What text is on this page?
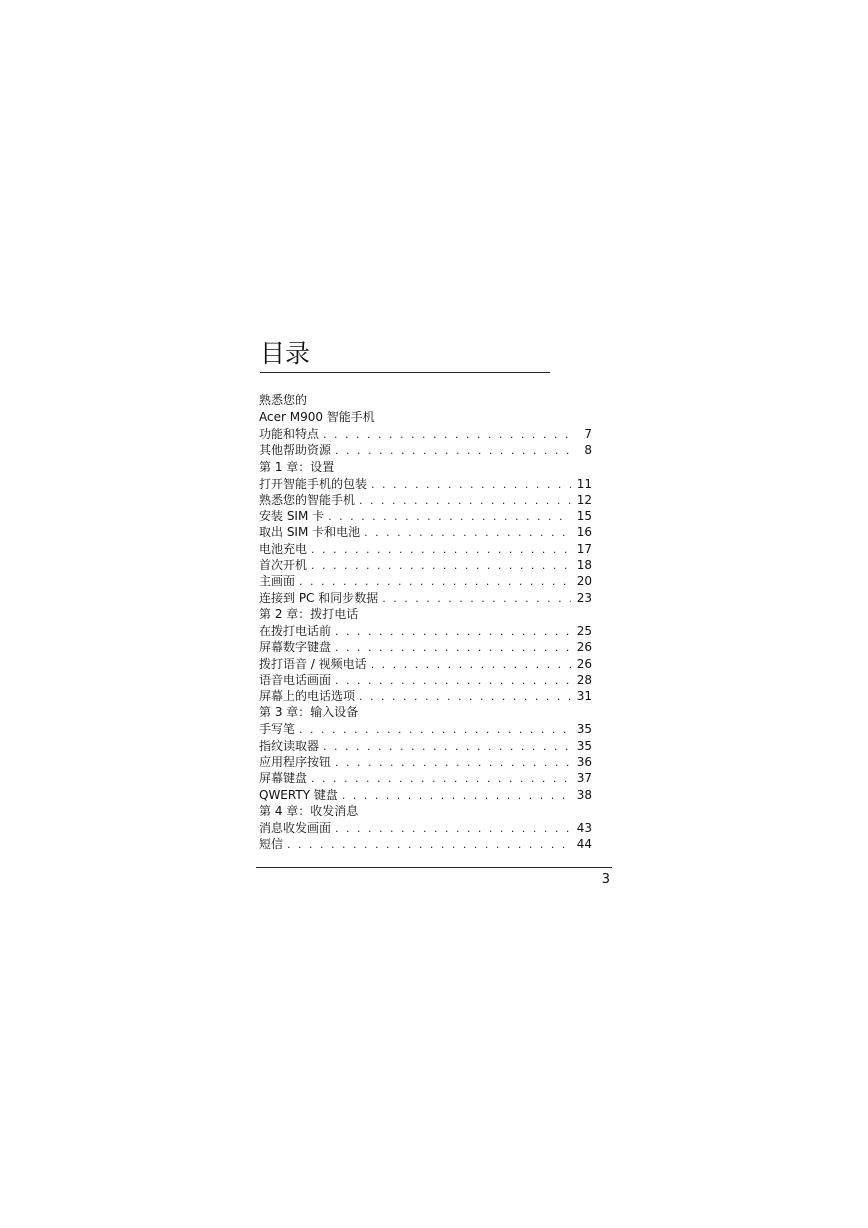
目录
熟悉您的
Acer M900 智能手机
功能和特点 . . .	7
其他帮助资源 . . .	8
第 1 章：设置
打开智能手机的包装 . . .	11
熟悉您的智能手机 . . .	12
安装 SIM 卡 . . .	15
取出 SIM 卡和电池 . . .	16
电池充电 . . .	17
首次开机 . . .	18
主画面 . . .	20
连接到 PC 和同步数据 . . .	23
第 2 章：拨打电话
在拨打电话前 . . .	25
屏幕数字键盘 . . .	26
拨打语音 / 视频电话 . . .	26
语音电话画面 . . .	28
屏幕上的电话选项 . . .	31
第 3 章：输入设备
手写笔 . . .	35
指纹读取器 . . .	35
应用程序按钮 . . .	36
屏幕键盘 . . .	37
QWERTY 键盘 . . .	38
第 4 章：收发消息
消息收发画面 . . .	43
短信 . . .	44
3
